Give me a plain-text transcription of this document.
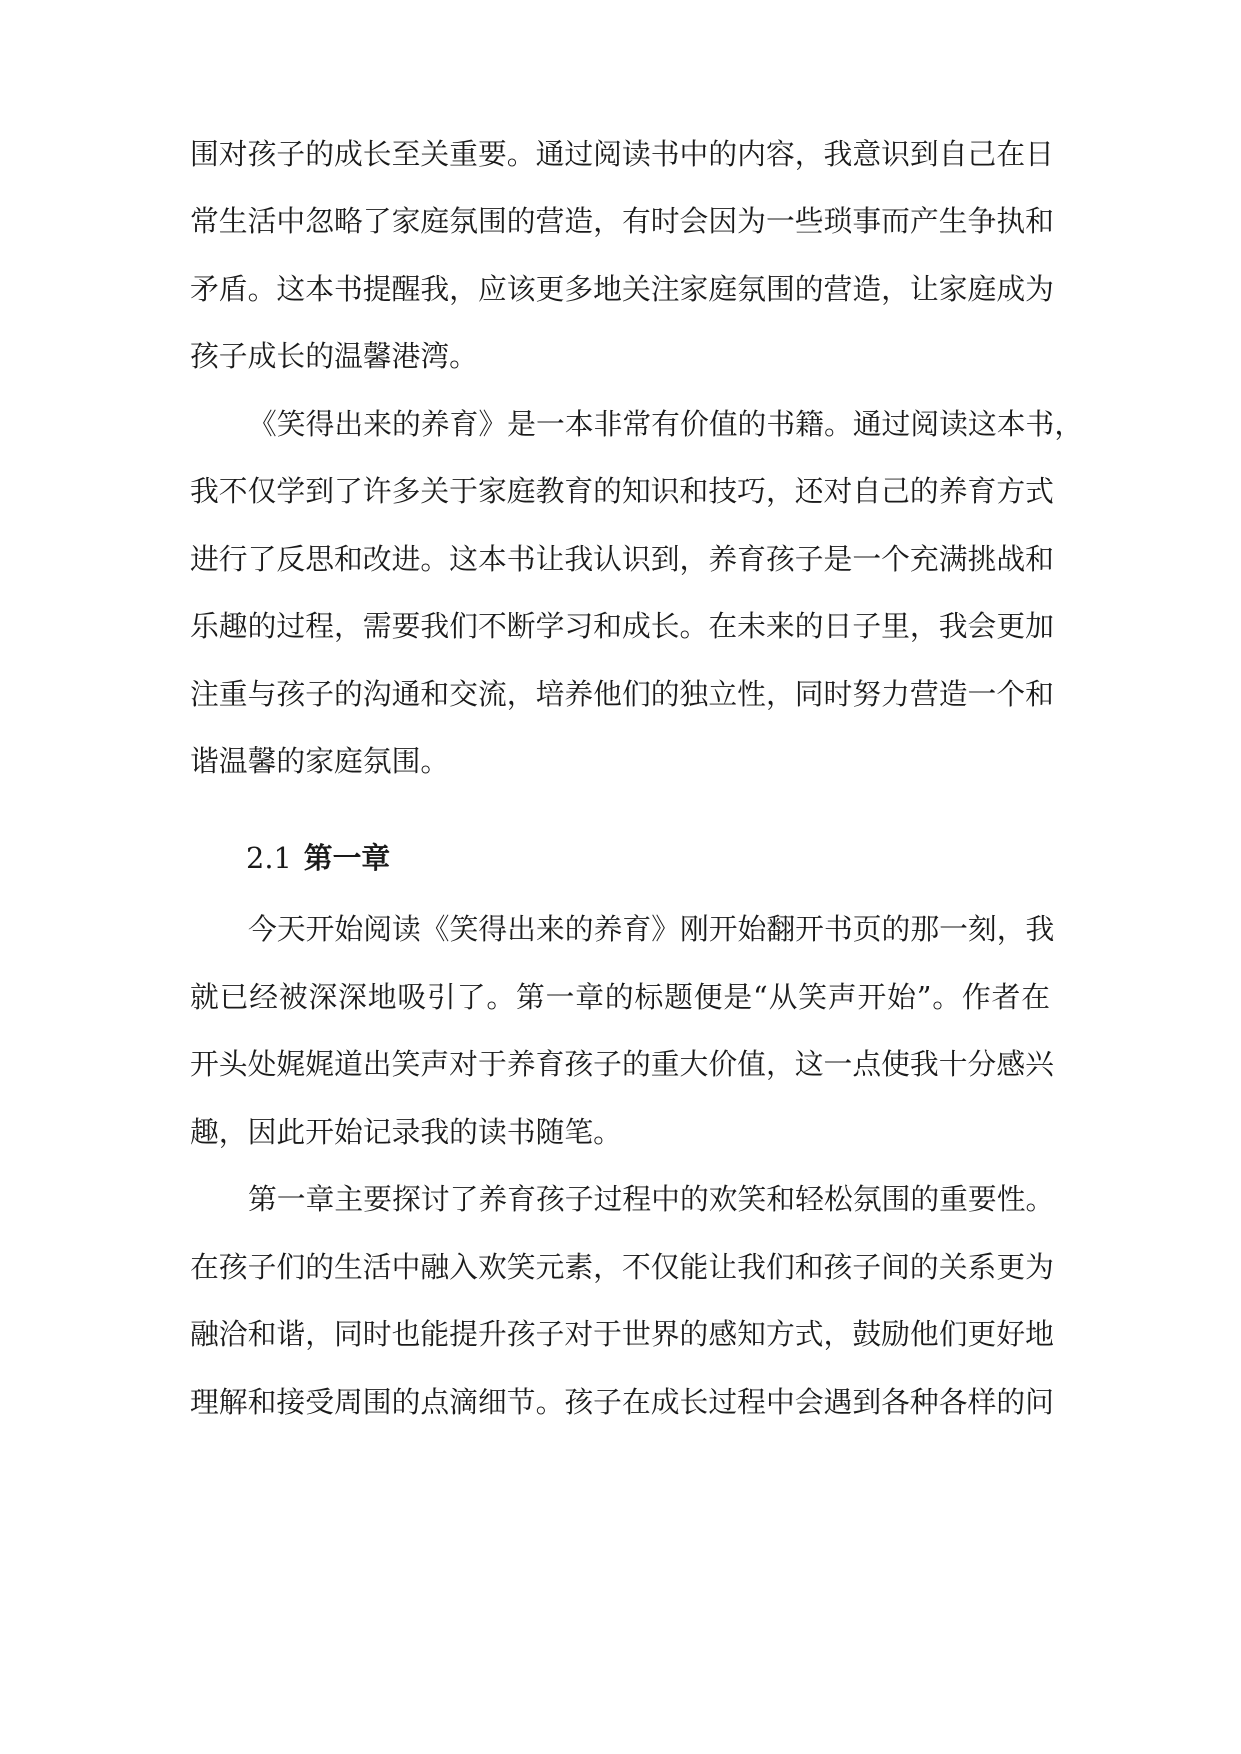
围对孩子的成长至关重要。通过阅读书中的内容，我意识到自己在日

常生活中忽略了家庭氛围的营造，有时会因为一些琐事而产生争执和

矛盾。这本书提醒我，应该更多地关注家庭氛围的营造，让家庭成为

孩子成长的温馨港湾。

《笑得出来的养育》是一本非常有价值的书籍。通过阅读这本书，

我不仅学到了许多关于家庭教育的知识和技巧，还对自己的养育方式

进行了反思和改进。这本书让我认识到，养育孩子是一个充满挑战和

乐趣的过程，需要我们不断学习和成长。在未来的日子里，我会更加

注重与孩子的沟通和交流，培养他们的独立性，同时努力营造一个和

谐温馨的家庭氛围。

2.1 第一章

今天开始阅读《笑得出来的养育》刚开始翻开书页的那一刻，我

就已经被深深地吸引了。第一章的标题便是“从笑声开始”。作者在

开头处娓娓道出笑声对于养育孩子的重大价值，这一点使我十分感兴

趣，因此开始记录我的读书随笔。

第一章主要探讨了养育孩子过程中的欢笑和轻松氛围的重要性。

在孩子们的生活中融入欢笑元素，不仅能让我们和孩子间的关系更为

融洽和谐，同时也能提升孩子对于世界的感知方式，鼓励他们更好地

理解和接受周围的点滴细节。孩子在成长过程中会遇到各种各样的问
